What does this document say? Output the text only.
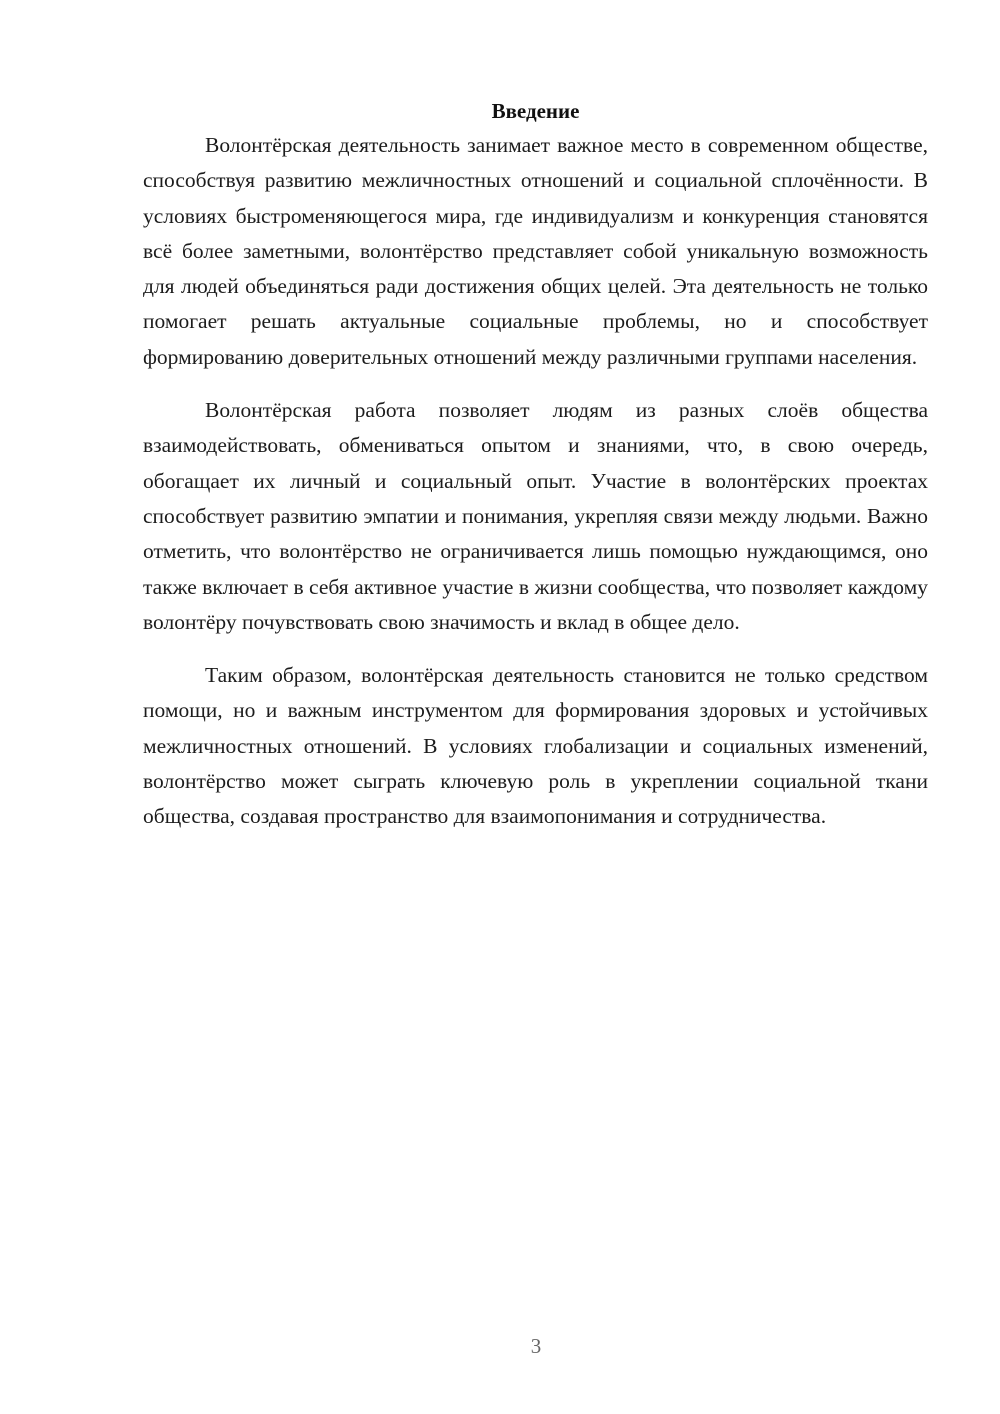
Введение

Волонтёрская деятельность занимает важное место в современном обществе, способствуя развитию межличностных отношений и социальной сплочённости. В условиях быстроменяющегося мира, где индивидуализм и конкуренция становятся всё более заметными, волонтёрство представляет собой уникальную возможность для людей объединяться ради достижения общих целей. Эта деятельность не только помогает решать актуальные социальные проблемы, но и способствует формированию доверительных отношений между различными группами населения.

Волонтёрская работа позволяет людям из разных слоёв общества взаимодействовать, обмениваться опытом и знаниями, что, в свою очередь, обогащает их личный и социальный опыт. Участие в волонтёрских проектах способствует развитию эмпатии и понимания, укрепляя связи между людьми. Важно отметить, что волонтёрство не ограничивается лишь помощью нуждающимся, оно также включает в себя активное участие в жизни сообщества, что позволяет каждому волонтёру почувствовать свою значимость и вклад в общее дело.

Таким образом, волонтёрская деятельность становится не только средством помощи, но и важным инструментом для формирования здоровых и устойчивых межличностных отношений. В условиях глобализации и социальных изменений, волонтёрство может сыграть ключевую роль в укреплении социальной ткани общества, создавая пространство для взаимопонимания и сотрудничества.

3
